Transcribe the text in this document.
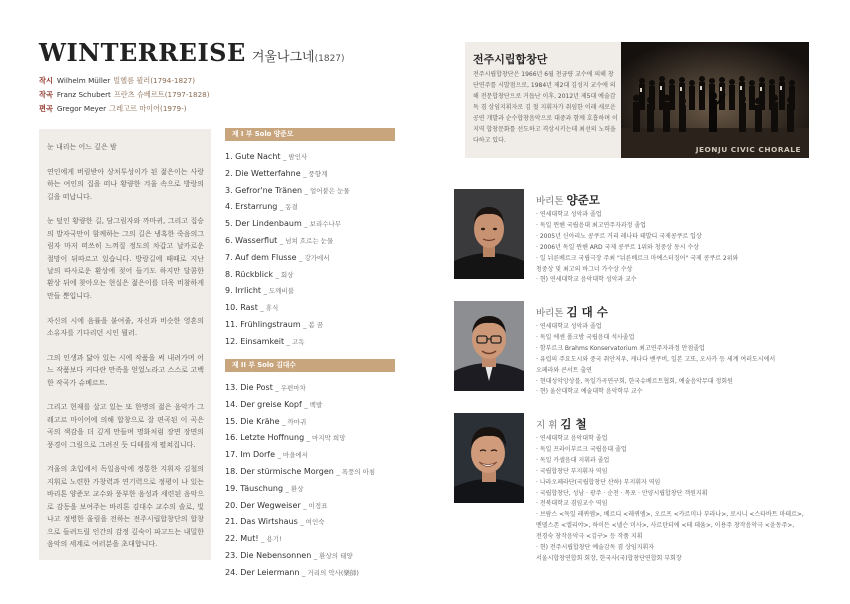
WINTERREISE 겨울나그네 (1827)
작시 Wilhelm Müller 빌헬름 뮐러(1794-1827)
작곡 Franz Schubert 프란츠 슈베르트(1797-1828)
편곡 Gregor Meyer 그레고르 마이어(1979-)

눈 내리는 어느 깊은 밤

연인에게 버림받아 상처투성이가 된 젊은이는 사랑하는 여인의 집을 떠나 황량한 겨울 속으로 방랑의 길을 떠납니다.

눈 덮인 황량한 길, 담그림자와 까마귀, 그리고 집승의 발자국만이 함께하는 그의 길은 냉혹한 죽음의그림자 마저 떠쓰히 느껴질 정도의 차갑고 날카로운 절망이 뒤따르고 있습니다. 방랑길에 때때로 지난 날의 따사로운 환상에 젖어 들기도 하지만 달콤한 환상 뒤에 찾아오는 현실은 젊은이를 더욱 비참하게 만들 뿐입니다.

자신의 시에 음률을 붙여줄, 자신과 비슷한 영혼의 소유자를 기다리던 시인 뮐러.

그의 인생과 닮아 있는 시에 작품을 써 내려가며 어느 작품보다 커다란 만족을 얻었노라고 스스로 고백한 작곡가 슈베르트.

그리고 현재를 살고 있는 또 한명의 젊은 음악가 그레고르 마이어에 의해 합창으로 잘 편곡된 이 곡은 곡의 색감을 더 깊게 만들며 명화처럼 장면 장면의 풍경이 그림으로 그려진 듯 디테를게 펼쳐집니다.

겨울의 초입에서 독일음악에 정통한 지휘자 김철의 지휘로 노련한 가창력과 연기력으로 정평이 나 있는 바리톤 양준모 교수와 풍부한 음성과 세련된 음악으로 감동을 보여주는 바리톤 김대수 교수의 솔로, 빛나고 정병한 울림을 전하는 전주시립합창단의 합창으로 들려드릴 인간의 감정 깊숙이 파고드는 내밀한 음악의 세계로 여러분을 초대합니다.

제 I 부 Solo 양준모
1. Gute Nacht _ 밤인사
2. Die Wetterfahne _ 풍향계
3. Gefror'ne Tränen _ 얼어붙은 눈물
4. Erstarrung _ 동결
5. Der Lindenbaum _ 보리수나무
6. Wasserflut _ 넘쳐 흐르는 눈물
7. Auf dem Flusse _ 강가에서
8. Rückblick _ 회상
9. Irrlicht _ 도깨비불
10. Rast _ 휴식
11. Frühlingstraum _ 봄 꿈
12. Einsamkeit _ 고독
제 II 부 Solo 김대수
13. Die Post _ 우편마차
14. Der greise Kopf _ 백발
15. Die Krähe _ 까마귀
16. Letzte Hoffnung _ 마지막 희망
17. Im Dorfe _ 마을에서
18. Der stürmische Morgen _ 폭풍의 아침
19. Täuschung _ 환상
20. Der Wegweiser _ 이정표
21. Das Wirtshaus _ 여인숙
22. Mut! _ 용기!
23. Die Nebensonnen _ 환상의 태양
24. Der Leiermann _ 거리의 악사(樂師)
전주시립합창단
전주시립합창단은 1966년 6월 천금량 교수에 의해 창단연주를 시발점으로, 1984년 제2대 김성지 교수에 의해 전문합창단으로 거듭난 이후, 2012년 제5대 예술감독 겸 상임지휘자로 김 철 지휘자가 취임한 이래 새로운 공연 개발과 순수합창음악으로 대중과 함께 호흡하며 이 지역 합창문화를 선도하고 격상시키는데 최선의 노력을 다하고 있다.
JEONJU CIVIC CHORALE
바리톤 양준모
· 연세대학교 성악과 졸업
· 독일 뮌헨 국립음대 최고연주자과정 졸업
· 2005년 신아리노 콩쿠르 거리 레나타 테발디 국제콩쿠르 입상
· 2006년 독일 뮌헨 ARD 국제 콩쿠르 1위와 청중상 동시 수상
· 일 뉘른베르크 국립극장 주최 "뉘른베르크 마예스터징어" 국제 콩쿠르 2위와
청중상 및 최고의 바그너 가수상 수상
· 현) 연세대학교 음악대학 성악과 교수
바리톤 김 대 수
· 연세대학교 성악과 졸업
· 독일 에센 폴크방 국립음대 석사졸업
· 함부르크 Brahms Konservatorium 최고연주자과정 만점졸업
· 유럽의 주요도시와 중국 취안저우, 캐나다 밴쿠버, 일본 고또, 오사카 등 세계 여러도시에서
오페라와 콘서트 출연
· 현대성악앙상블, 독일가곡연구회, 한국슈베르트협회, 예술음악무대 정회원
· 현) 울산대학교 예술대학 음악학부 교수
지 휘 김 철
· 연세대학교 음악대학 졸업
· 독일 프라이부르크 국립음대 졸업
· 독일 카셀음대 지휘과 졸업
· 국립합창단 부지휘자 역임
· 나라오페라단(국립합창단 산하) 부지휘자 역임
· 국립합창단, 성남 · 광주 · 순천 · 목포 · 안양시립합창단 객원지휘
· 전북대학교 겸임교수 역임
· 브람스 <독일 레퀴엠>, 베르디 <레퀴엠>, 오르프 <카르미나 부라나>, 로시니 <스타바트 마테르>,
멘델스존 <엘리야>, 하이든 <넬슨 미사>, 사르탄티에 <테 데움>, 이용주 창작음악극 <윤동주>,
전경숙 창작음악극 <김구> 등 작품 지휘
· 현) 전주시립합창단 예술감독 겸 상임지휘자
서울시합창연합회 회장, 한국사(국)합창단연합회 부회장
